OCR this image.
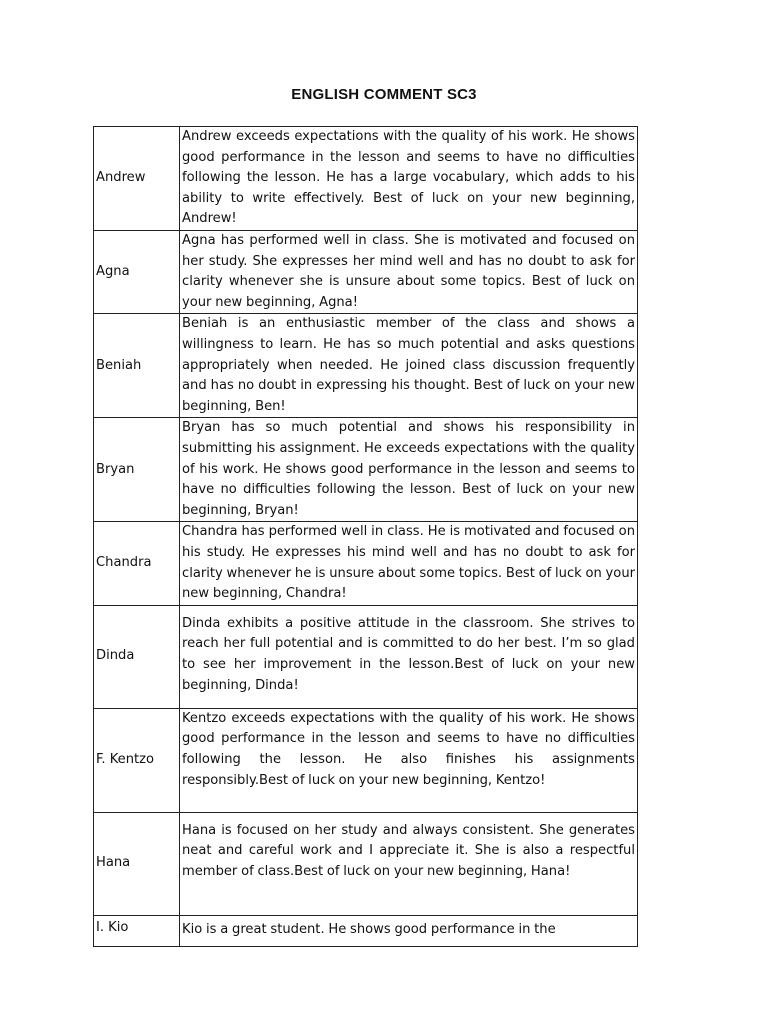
ENGLISH COMMENT SC3
Andrew	Andrew exceeds expectations with the quality of his work. He shows good performance in the lesson and seems to have no difficulties following the lesson. He has a large vocabulary, which adds to his ability to write effectively. Best of luck on your new beginning, Andrew!
Agna	Agna has performed well in class. She is motivated and focused on her study. She expresses her mind well and has no doubt to ask for clarity whenever she is unsure about some topics. Best of luck on your new beginning, Agna!
Beniah	Beniah is an enthusiastic member of the class and shows a willingness to learn. He has so much potential and asks questions appropriately when needed. He joined class discussion frequently and has no doubt in expressing his thought. Best of luck on your new beginning, Ben!
Bryan	Bryan has so much potential and shows his responsibility in submitting his assignment. He exceeds expectations with the quality of his work. He shows good performance in the lesson and seems to have no difficulties following the lesson. Best of luck on your new beginning, Bryan!
Chandra	Chandra has performed well in class. He is motivated and focused on his study. He expresses his mind well and has no doubt to ask for clarity whenever he is unsure about some topics. Best of luck on your new beginning, Chandra!
Dinda	Dinda exhibits a positive attitude in the classroom. She strives to reach her full potential and is committed to do her best. I’m so glad to see her improvement in the lesson.Best of luck on your new beginning, Dinda!
F. Kentzo	Kentzo exceeds expectations with the quality of his work. He shows good performance in the lesson and seems to have no difficulties following the lesson. He also finishes his assignments responsibly.Best of luck on your new beginning, Kentzo!
Hana	Hana is focused on her study and always consistent. She generates neat and careful work and I appreciate it. She is also a respectful member of class.Best of luck on your new beginning, Hana!
I. Kio	Kio is a great student. He shows good performance in the
